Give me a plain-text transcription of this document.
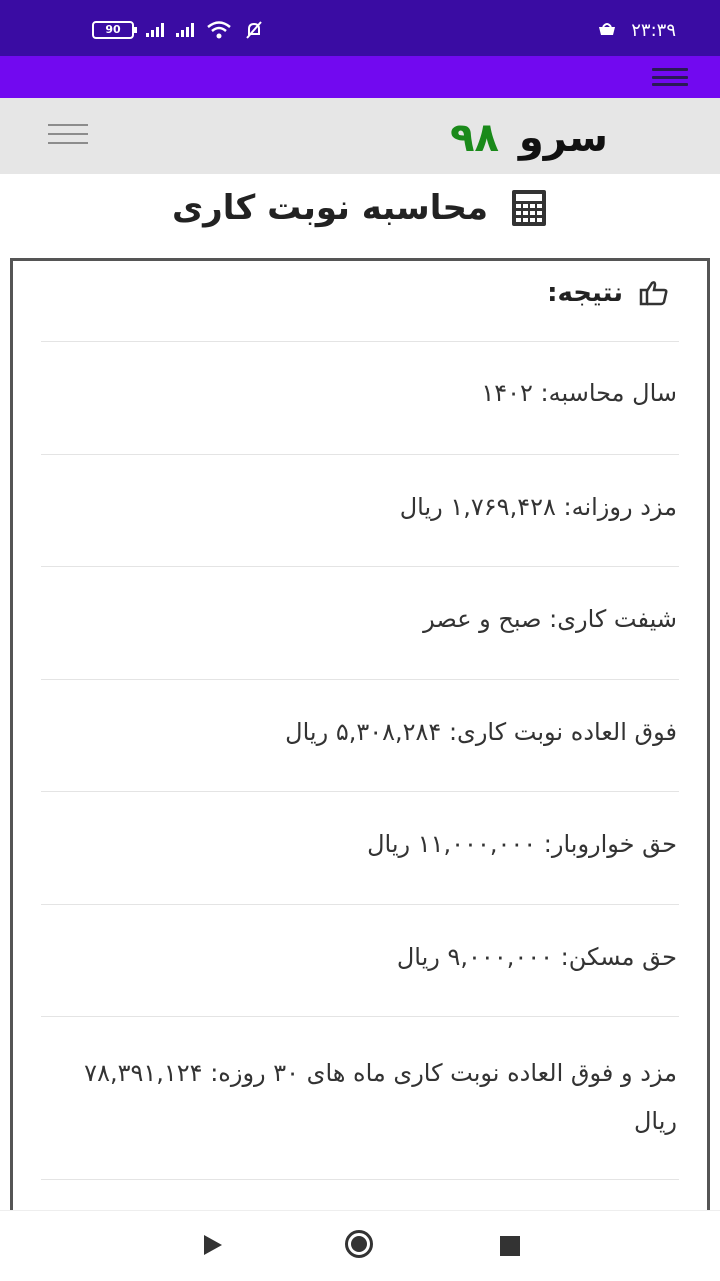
90	۲۳:۳۹
سرو ۹۸
محاسبه نوبت کاری
نتیجه:
سال محاسبه: ۱۴۰۲
مزد روزانه: ۱,۷۶۹,۴۲۸ ریال
شیفت کاری: صبح و عصر
فوق العاده نوبت کاری: ۵,۳۰۸,۲۸۴ ریال
حق خواروبار: ۱۱,۰۰۰,۰۰۰ ریال
حق مسکن: ۹,۰۰۰,۰۰۰ ریال
مزد و فوق العاده نوبت کاری ماه های ۳۰ روزه: ۷۸,۳۹۱,۱۲۴ ریال
